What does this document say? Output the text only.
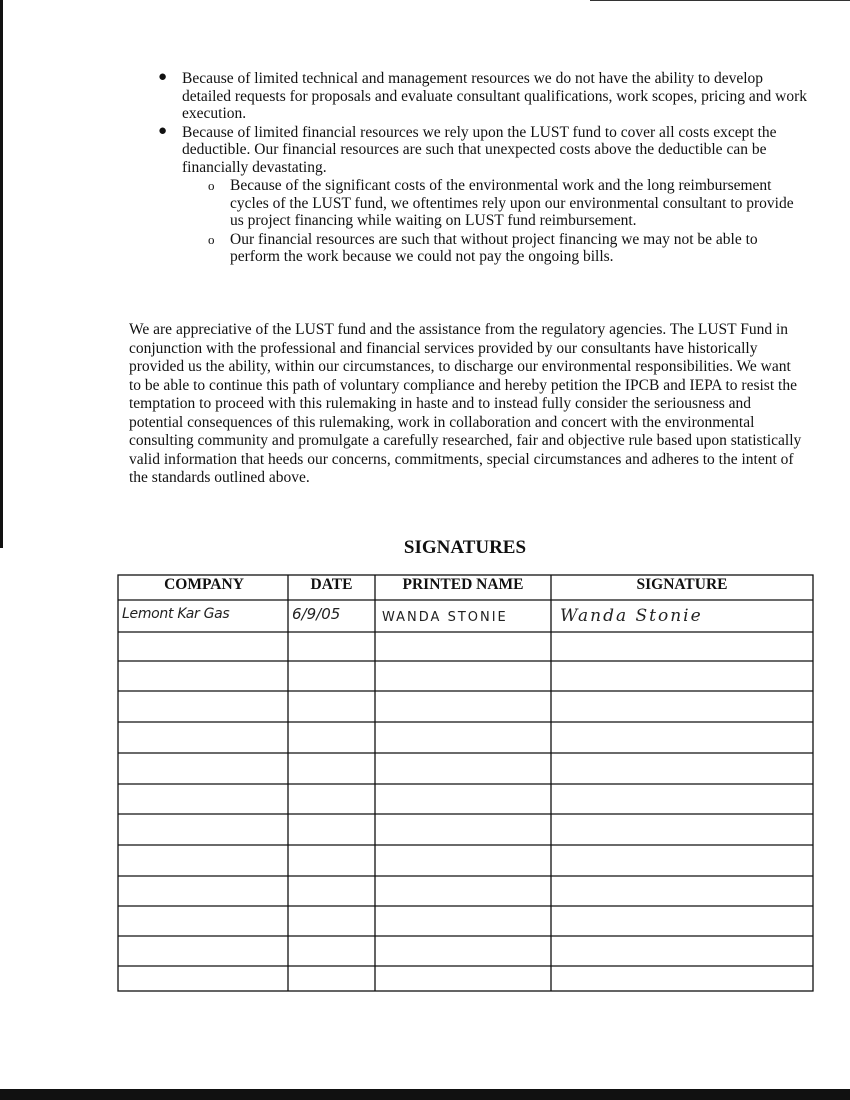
● Because of limited technical and management resources we do not have the ability to develop detailed requests for proposals and evaluate consultant qualifications, work scopes, pricing and work execution.
● Because of limited financial resources we rely upon the LUST fund to cover all costs except the deductible. Our financial resources are such that unexpected costs above the deductible can be financially devastating.
o Because of the significant costs of the environmental work and the long reimbursement cycles of the LUST fund, we oftentimes rely upon our environmental consultant to provide us project financing while waiting on LUST fund reimbursement.
o Our financial resources are such that without project financing we may not be able to perform the work because we could not pay the ongoing bills.
We are appreciative of the LUST fund and the assistance from the regulatory agencies. The LUST Fund in conjunction with the professional and financial services provided by our consultants have historically provided us the ability, within our circumstances, to discharge our environmental responsibilities. We want to be able to continue this path of voluntary compliance and hereby petition the IPCB and IEPA to resist the temptation to proceed with this rulemaking in haste and to instead fully consider the seriousness and potential consequences of this rulemaking, work in collaboration and concert with the environmental consulting community and promulgate a carefully researched, fair and objective rule based upon statistically valid information that heeds our concerns, commitments, special circumstances and adheres to the intent of the standards outlined above.
SIGNATURES
COMPANY	DATE	PRINTED NAME	SIGNATURE
Lemont Kar Gas	6/9/05	WANDA STONIE	Wanda Stonie
